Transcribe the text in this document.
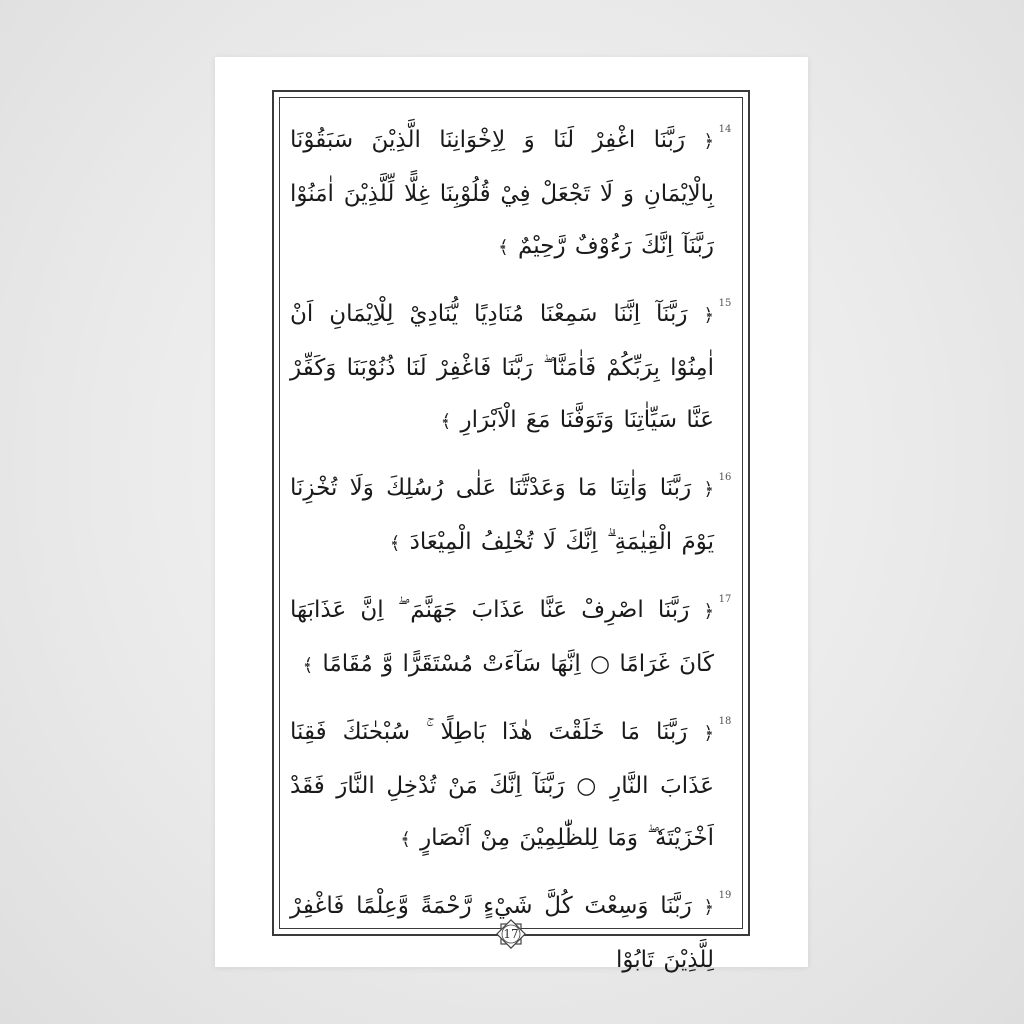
14
﴿ رَبَّنَا اغْفِرْ لَنَا وَ لِاِخْوَانِنَا الَّذِيْنَ سَبَقُوْنَا بِالْاِيْمَانِ وَ لَا تَجْعَلْ فِيْ قُلُوْبِنَا غِلًّا لِّلَّذِيْنَ اٰمَنُوْا رَبَّنَآ اِنَّكَ رَءُوْفٌ رَّحِيْمٌ ﴾
15
﴿ رَبَّنَآ اِنَّنَا سَمِعْنَا مُنَادِيًا يُّنَادِيْ لِلْاِيْمَانِ اَنْ اٰمِنُوْا بِرَبِّكُمْ فَاٰمَنَّا ۖ رَبَّنَا فَاغْفِرْ لَنَا ذُنُوْبَنَا وَكَفِّرْ عَنَّا سَيِّاٰتِنَا وَتَوَفَّنَا مَعَ الْاَبْرَارِ ﴾
16
﴿ رَبَّنَا وَاٰتِنَا مَا وَعَدْتَّنَا عَلٰى رُسُلِكَ وَلَا تُخْزِنَا يَوْمَ الْقِيٰمَةِ ۗ اِنَّكَ لَا تُخْلِفُ الْمِيْعَادَ ﴾
17
﴿ رَبَّنَا اصْرِفْ عَنَّا عَذَابَ جَهَنَّمَ ۖ اِنَّ عَذَابَهَا كَانَ غَرَامًا ○ اِنَّهَا سَآءَتْ مُسْتَقَرًّا وَّ مُقَامًا ﴾
18
﴿ رَبَّنَا مَا خَلَقْتَ هٰذَا بَاطِلًا ۚ سُبْحٰنَكَ فَقِنَا عَذَابَ النَّارِ ○ رَبَّنَآ اِنَّكَ مَنْ تُدْخِلِ النَّارَ فَقَدْ اَخْزَيْتَهٗ ۖ وَمَا لِلظّٰلِمِيْنَ مِنْ اَنْصَارٍ ﴾
19
﴿ رَبَّنَا وَسِعْتَ كُلَّ شَيْءٍ رَّحْمَةً وَّعِلْمًا فَاغْفِرْ لِلَّذِيْنَ تَابُوْا
17
